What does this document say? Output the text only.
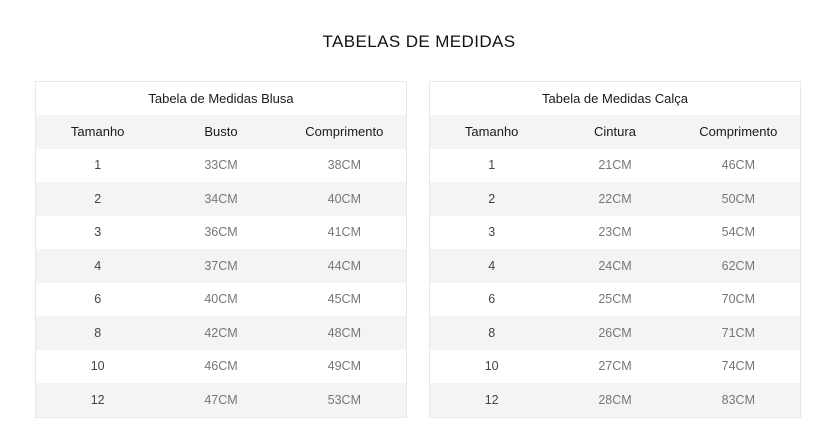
TABELAS DE MEDIDAS
Tabela de Medidas Blusa
Tamanho	Busto	Comprimento
1	33CM	38CM
2	34CM	40CM
3	36CM	41CM
4	37CM	44CM
6	40CM	45CM
8	42CM	48CM
10	46CM	49CM
12	47CM	53CM
Tabela de Medidas Calça
Tamanho	Cintura	Comprimento
1	21CM	46CM
2	22CM	50CM
3	23CM	54CM
4	24CM	62CM
6	25CM	70CM
8	26CM	71CM
10	27CM	74CM
12	28CM	83CM
